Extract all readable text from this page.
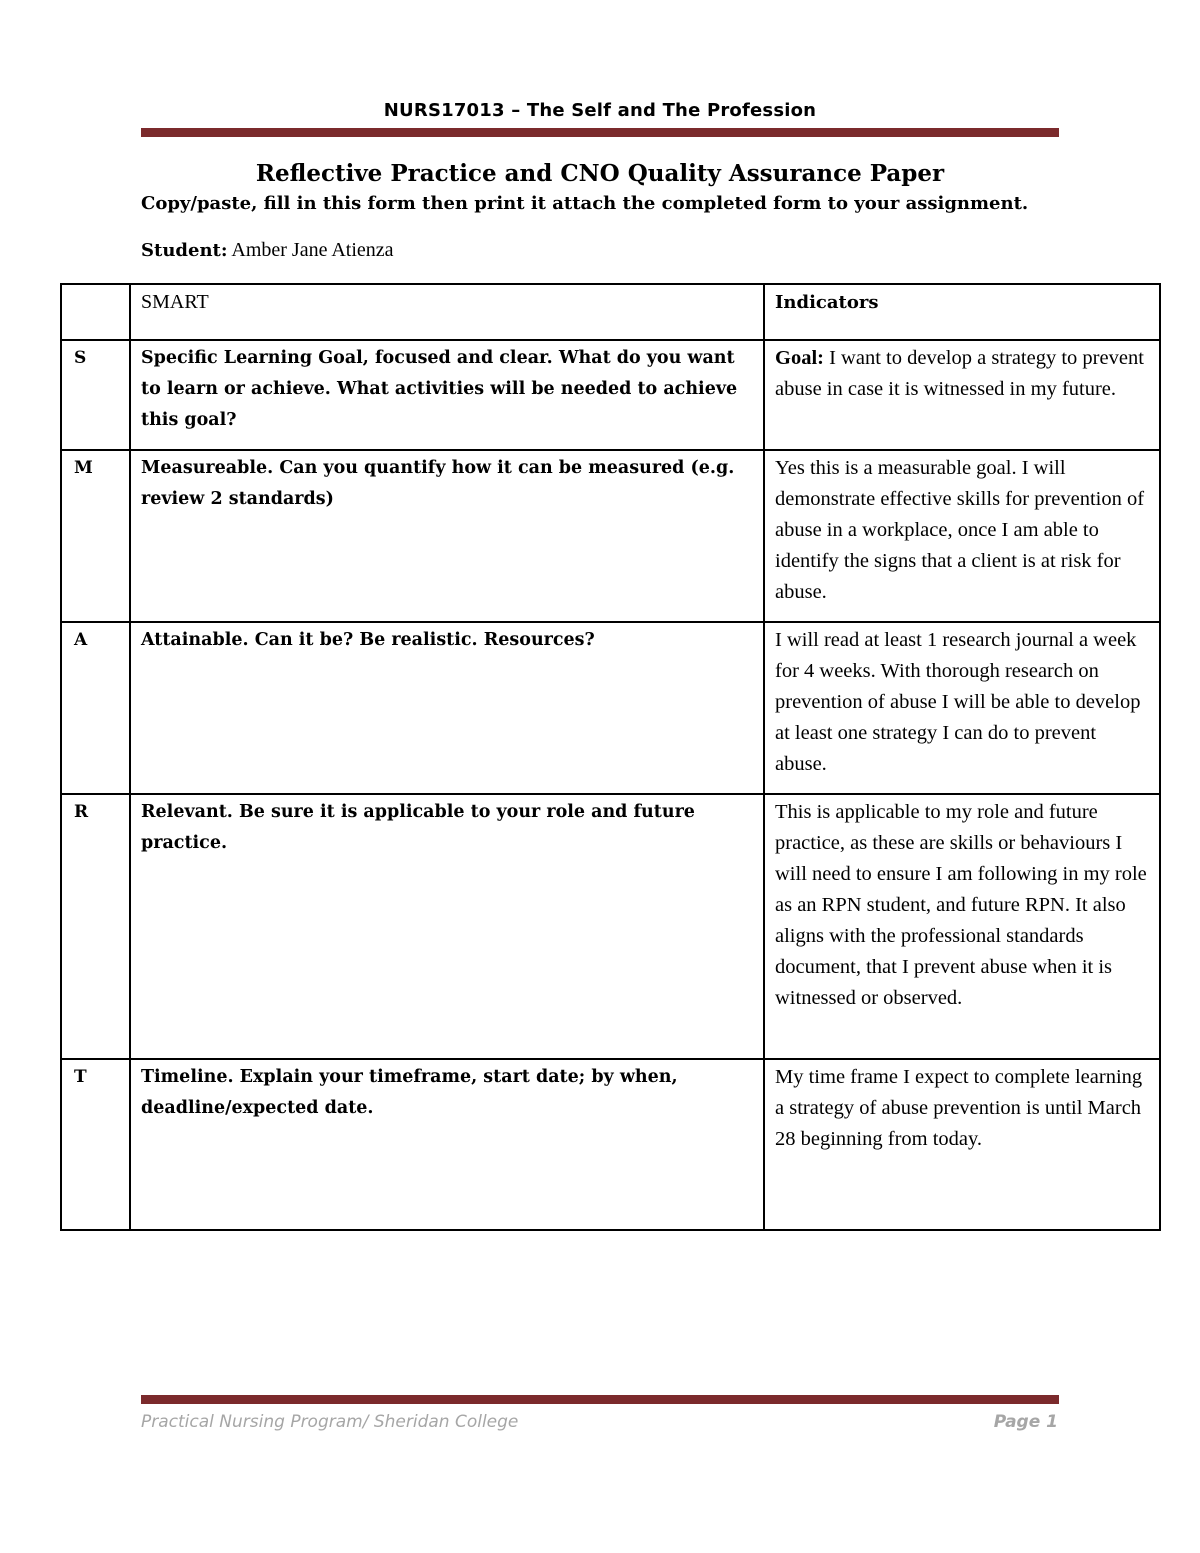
NURS17013 – The Self and The Profession
Reflective Practice and CNO Quality Assurance Paper
Copy/paste, fill in this form then print it attach the completed form to your assignment.
Student: Amber Jane Atienza
	SMART	Indicators
S	Specific Learning Goal, focused and clear. What do you want to learn or achieve. What activities will be needed to achieve this goal?	Goal: I want to develop a strategy to prevent abuse in case it is witnessed in my future.
M	Measureable. Can you quantify how it can be measured (e.g. review 2 standards)	Yes this is a measurable goal. I will demonstrate effective skills for prevention of abuse in a workplace, once I am able to identify the signs that a client is at risk for abuse.
A	Attainable. Can it be? Be realistic. Resources?	I will read at least 1 research journal a week for 4 weeks. With thorough research on prevention of abuse I will be able to develop at least one strategy I can do to prevent abuse.
R	Relevant. Be sure it is applicable to your role and future practice.	This is applicable to my role and future practice, as these are skills or behaviours I will need to ensure I am following in my role as an RPN student, and future RPN. It also aligns with the professional standards document, that I prevent abuse when it is witnessed or observed.
T	Timeline. Explain your timeframe, start date; by when, deadline/expected date.	My time frame I expect to complete learning a strategy of abuse prevention is until March 28 beginning from today.
Practical Nursing Program/ Sheridan College	Page 1
